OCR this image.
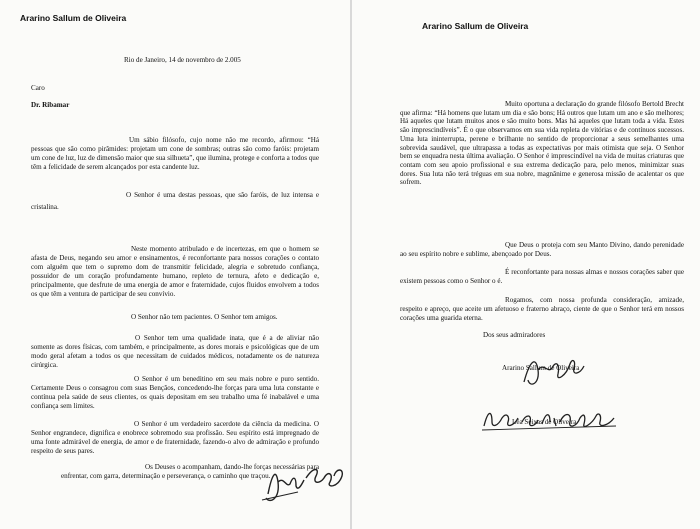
Ararino Sallum de Oliveira
Rio de Janeiro, 14 de novembro de 2.005
Caro
Dr. Ribamar
Um sábio filósofo, cujo nome não me recordo, afirmou: “Há pessoas que são como pirâmides: projetam um cone de sombras; outras são como faróis: projetam um cone de luz, luz de dimensão maior que sua silhueta”, que ilumina, protege e conforta a todos que têm a felicidade de serem alcançados por esta candente luz.
O Senhor é uma destas pessoas, que são faróis, de luz intensa e cristalina.
Neste momento atribulado e de incertezas, em que o homem se afasta de Deus, negando seu amor e ensinamentos, é reconfortante para nossos corações o contato com alguém que tem o supremo dom de transmitir felicidade, alegria e sobretudo confiança, possuidor de um coração profundamente humano, repleto de ternura, afeto e dedicação e, principalmente, que desfrute de uma energia de amor e fraternidade, cujos fluidos envolvem a todos os que têm a ventura de participar de seu convívio.
O Senhor não tem pacientes. O Senhor tem amigos.
O Senhor tem uma qualidade inata, que é a de aliviar não somente as dores físicas, com também, e principalmente, as dores morais e psicológicas que de um modo geral afetam a todos os que necessitam de cuidados médicos, notadamente os de natureza cirúrgica.
O Senhor é um beneditino em seu mais nobre e puro sentido. Certamente Deus o consagrou com suas Bençãos, concedendo-lhe forças para uma luta constante e contínua pela saúde de seus clientes, os quais depositam em seu trabalho uma fé inabalável e uma confiança sem limites.
O Senhor é um verdadeiro sacerdote da ciência da medicina. O Senhor engrandece, dignifica e enobrece sobremodo sua profissão. Seu espírito está impregnado de uma fonte admirável de energia, de amor e de fraternidade, fazendo-o alvo de admiração e profundo respeito de seus pares.
Os Deuses o acompanham, dando-lhe forças necessárias para enfrentar, com garra, determinação e perseverança, o caminho que traçou.
Ararino Sallum de Oliveira
Muito oportuna a declaração do grande filósofo Bertold Brecht que afirma: “Há homens que lutam um dia e são bons; Há outros que lutam um ano e são melhores; Há aqueles que lutam muitos anos e são muito bons. Mas há aqueles que lutam toda a vida. Estes são imprescindíveis”. É o que observamos em sua vida repleta de vitórias e de contínuos sucessos. Uma luta ininterrupta, perene e brilhante no sentido de proporcionar a seus semelhantes uma sobrevida saudável, que ultrapassa a todas as expectativas por mais otimista que seja. O Senhor bem se enquadra nesta última avaliação. O Senhor é imprescindível na vida de muitas criaturas que contam com seu apoio profissional e sua extrema dedicação para, pelo menos, minimizar suas dores. Sua luta não terá tréguas em sua nobre, magnânime e generosa missão de acalentar os que sofrem.
Que Deus o proteja com seu Manto Divino, dando perenidade ao seu espírito nobre e sublime, abençoado por Deus.
É reconfortante para nossas almas e nossos corações saber que existem pessoas como o Senhor o é.
Rogamos, com nossa profunda consideração, amizade, respeito e apreço, que aceite um afetuoso e fraterno abraço, ciente de que o Senhor terá em nossos corações uma guarida eterna.
Dos seus admiradores
Ararino Sallum de Oliveira
Léa Seixas de Oliveira
